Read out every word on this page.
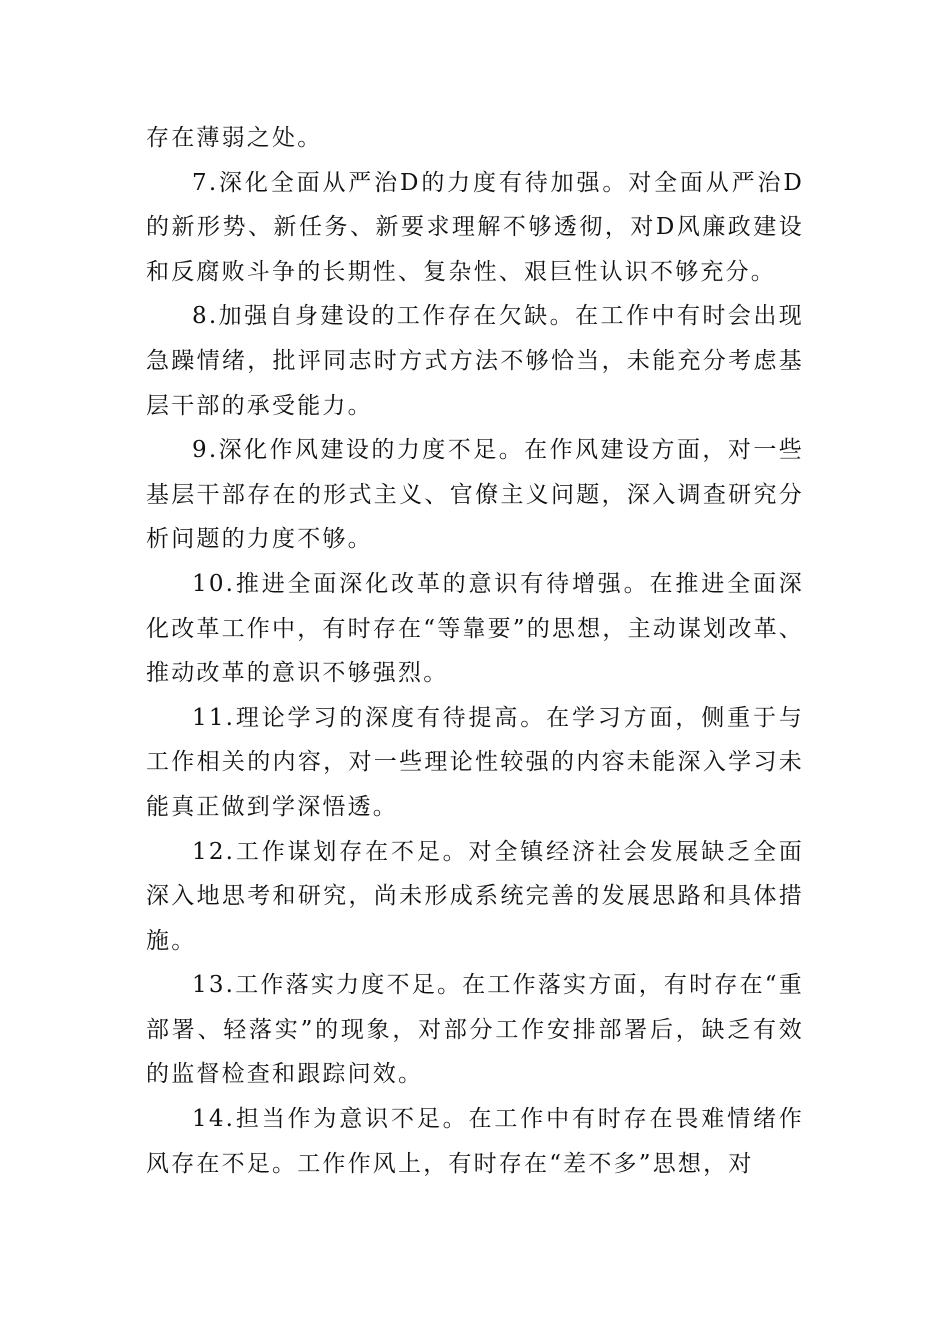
存在薄弱之处。

7.深化全面从严治D的力度有待加强。对全面从严治D的新形势、新任务、新要求理解不够透彻，对D风廉政建设和反腐败斗争的长期性、复杂性、艰巨性认识不够充分。

8.加强自身建设的工作存在欠缺。在工作中有时会出现急躁情绪，批评同志时方式方法不够恰当，未能充分考虑基层干部的承受能力。

9.深化作风建设的力度不足。在作风建设方面，对一些基层干部存在的形式主义、官僚主义问题，深入调查研究分析问题的力度不够。

10.推进全面深化改革的意识有待增强。在推进全面深化改革工作中，有时存在“等靠要”的思想，主动谋划改革、推动改革的意识不够强烈。

11.理论学习的深度有待提高。在学习方面，侧重于与工作相关的内容，对一些理论性较强的内容未能深入学习未能真正做到学深悟透。

12.工作谋划存在不足。对全镇经济社会发展缺乏全面深入地思考和研究，尚未形成系统完善的发展思路和具体措施。

13.工作落实力度不足。在工作落实方面，有时存在“重部署、轻落实”的现象，对部分工作安排部署后，缺乏有效的监督检查和跟踪问效。

14.担当作为意识不足。在工作中有时存在畏难情绪作风存在不足。工作作风上，有时存在“差不多”思想，对
